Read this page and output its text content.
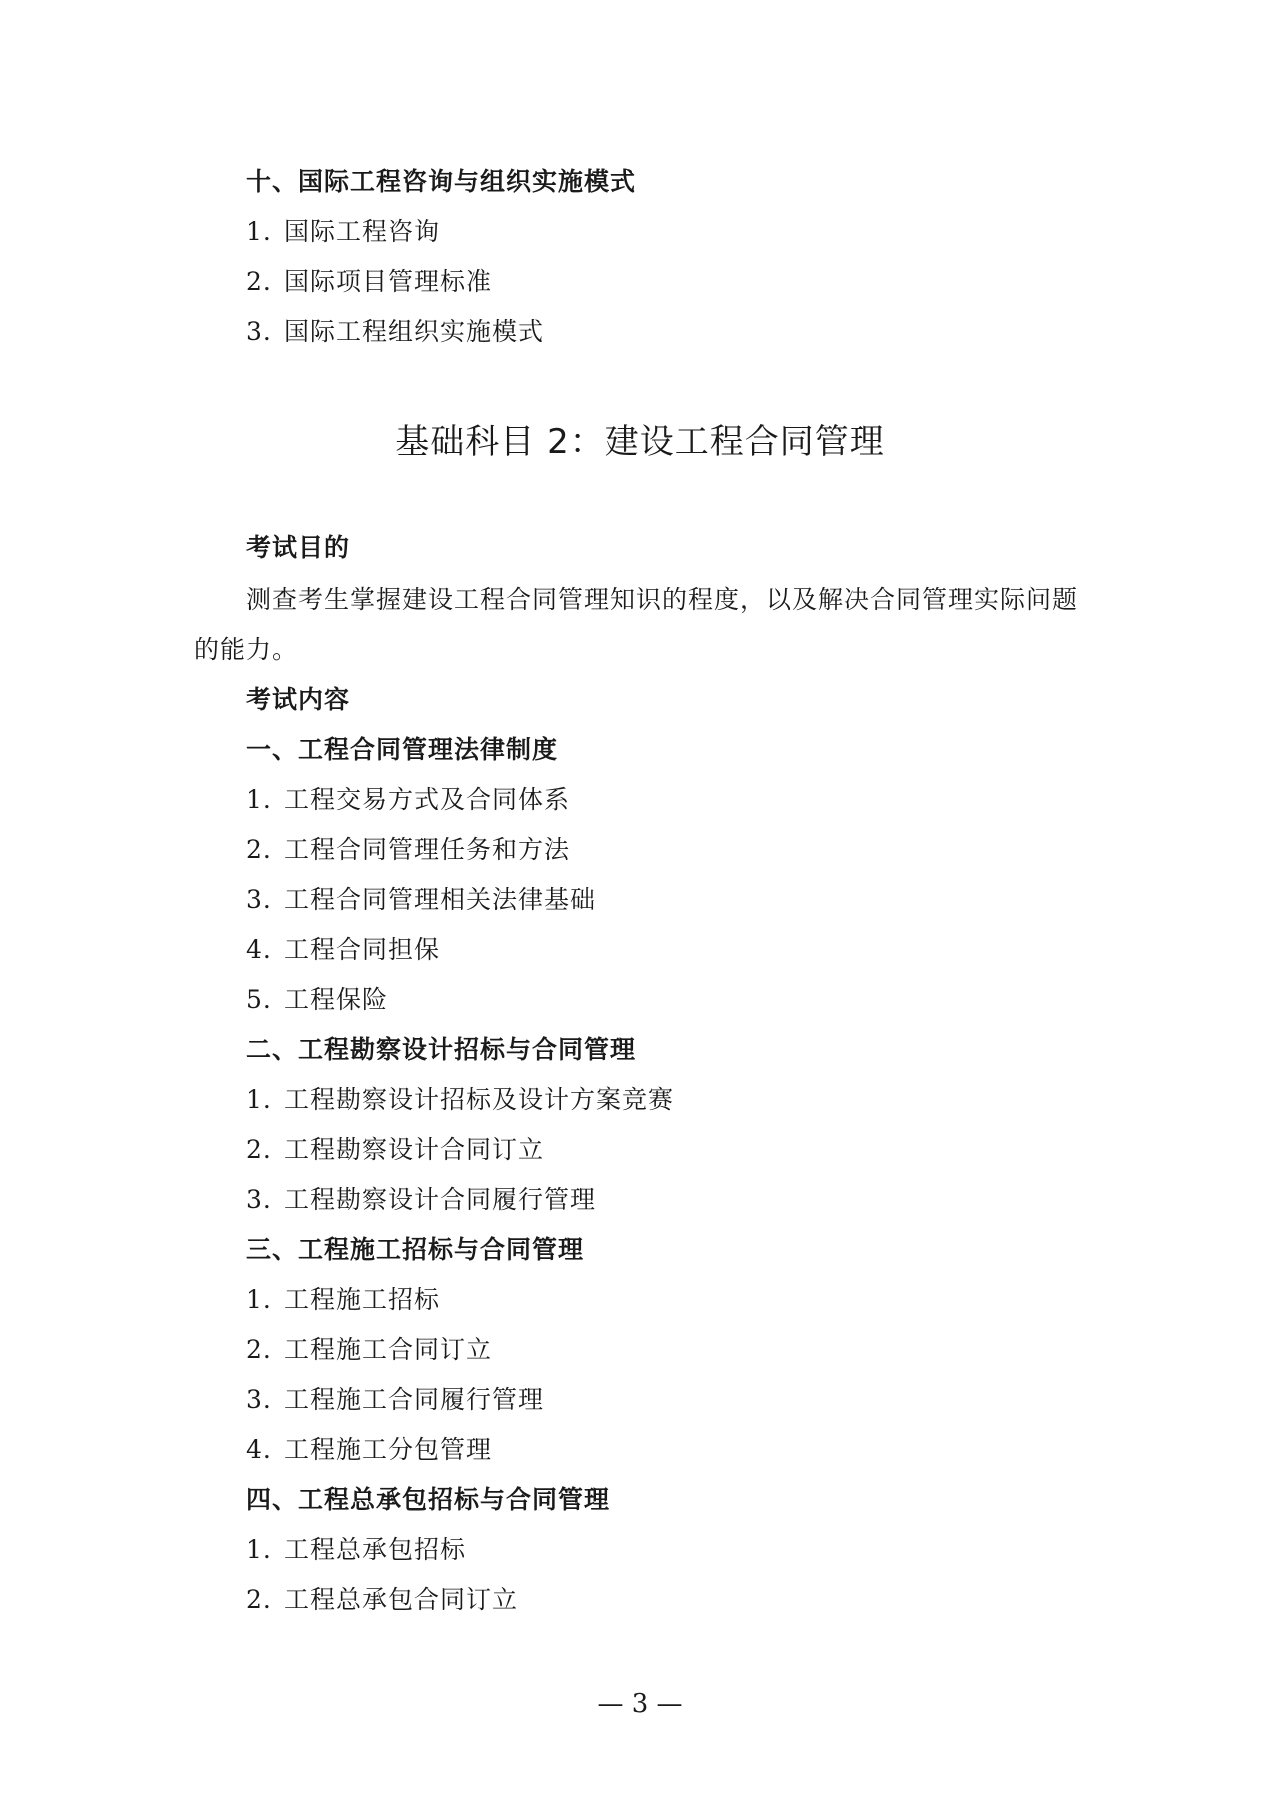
十、国际工程咨询与组织实施模式
1. 国际工程咨询
2. 国际项目管理标准
3. 国际工程组织实施模式
基础科目 2：建设工程合同管理
考试目的
测查考生掌握建设工程合同管理知识的程度，以及解决合同管理实际问题的能力。
考试内容
一、工程合同管理法律制度
1. 工程交易方式及合同体系
2. 工程合同管理任务和方法
3. 工程合同管理相关法律基础
4. 工程合同担保
5. 工程保险
二、工程勘察设计招标与合同管理
1. 工程勘察设计招标及设计方案竞赛
2. 工程勘察设计合同订立
3. 工程勘察设计合同履行管理
三、工程施工招标与合同管理
1. 工程施工招标
2. 工程施工合同订立
3. 工程施工合同履行管理
4. 工程施工分包管理
四、工程总承包招标与合同管理
1. 工程总承包招标
2. 工程总承包合同订立
— 3 —
